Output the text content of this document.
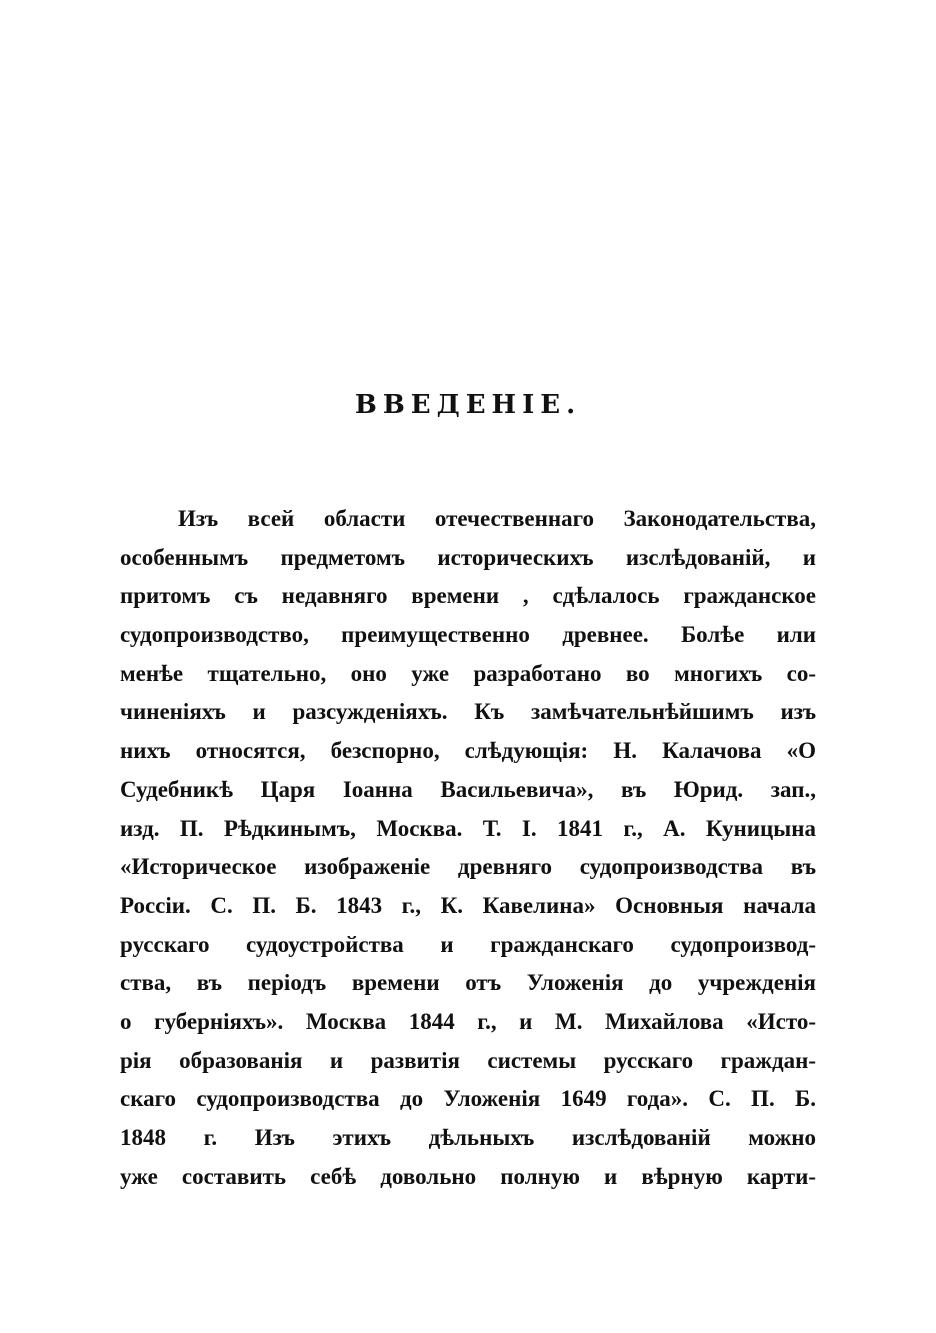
ВВЕДЕНІЕ.
Изъ всей области отечественнаго Законодательства,
особеннымъ предметомъ историческихъ изслѣдованій, и
притомъ съ недавняго времени , сдѣлалось гражданское
судопроизводство, преимущественно древнее. Болѣе или
менѣе тщательно, оно уже разработано во многихъ со-
чиненіяхъ и разсужденіяхъ. Къ замѣчательнѣйшимъ изъ
нихъ относятся, безспорно, слѣдующія: Н. Калачова «О
Судебникѣ Царя Іоанна Васильевича», въ Юрид. зап.,
изд. П. Рѣдкинымъ, Москва. Т. I. 1841 г., А. Куницына
«Историческое изображеніе древняго судопроизводства въ
Россіи. С. П. Б. 1843 г., К. Кавелина» Основныя начала
русскаго судоустройства и гражданскаго судопроизвод-
ства, въ періодъ времени отъ Уложенія до учрежденія
о губерніяхъ». Москва 1844 г., и М. Михайлова «Исто-
рія образованія и развитія системы русскаго граждан-
скаго судопроизводства до Уложенія 1649 года». С. П. Б.
1848 г. Изъ этихъ дѣльныхъ изслѣдованій можно
уже составить себѣ довольно полную и вѣрную карти-
